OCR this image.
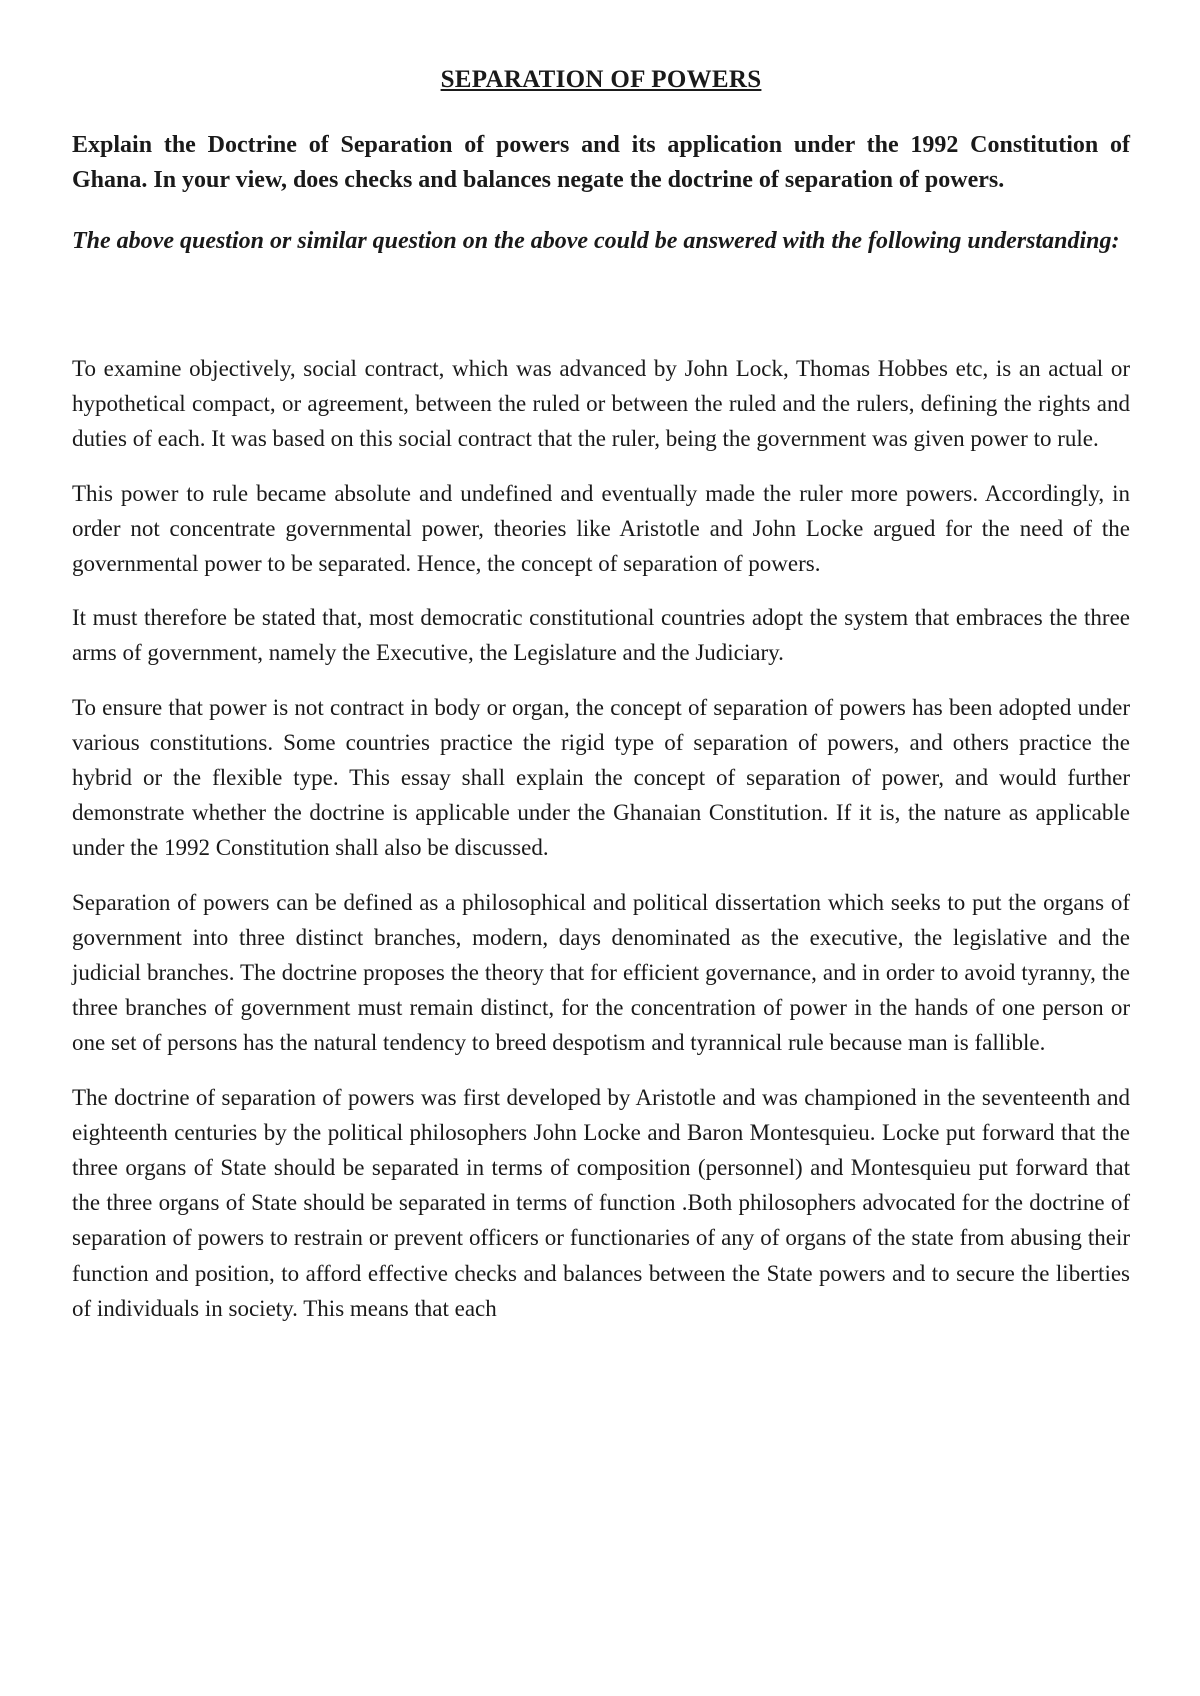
SEPARATION OF POWERS

Explain the Doctrine of Separation of powers and its application under the 1992 Constitution of Ghana. In your view, does checks and balances negate the doctrine of separation of powers.

The above question or similar question on the above could be answered with the following understanding:

To examine objectively, social contract, which was advanced by John Lock, Thomas Hobbes etc, is an actual or hypothetical compact, or agreement, between the ruled or between the ruled and the rulers, defining the rights and duties of each. It was based on this social contract that the ruler, being the government was given power to rule.

This power to rule became absolute and undefined and eventually made the ruler more powers. Accordingly, in order not concentrate governmental power, theories like Aristotle and John Locke argued for the need of the governmental power to be separated. Hence, the concept of separation of powers.

It must therefore be stated that, most democratic constitutional countries adopt the system that embraces the three arms of government, namely the Executive, the Legislature and the Judiciary.

To ensure that power is not contract in body or organ, the concept of separation of powers has been adopted under various constitutions. Some countries practice the rigid type of separation of powers, and others practice the hybrid or the flexible type. This essay shall explain the concept of separation of power, and would further demonstrate whether the doctrine is applicable under the Ghanaian Constitution. If it is, the nature as applicable under the 1992 Constitution shall also be discussed.

Separation of powers can be defined as a philosophical and political dissertation which seeks to put the organs of government into three distinct branches, modern, days denominated as the executive, the legislative and the judicial branches. The doctrine proposes the theory that for efficient governance, and in order to avoid tyranny, the three branches of government must remain distinct, for the concentration of power in the hands of one person or one set of persons has the natural tendency to breed despotism and tyrannical rule because man is fallible.

The doctrine of separation of powers was first developed by Aristotle and was championed in the seventeenth and eighteenth centuries by the political philosophers John Locke and Baron Montesquieu. Locke put forward that the three organs of State should be separated in terms of composition (personnel) and Montesquieu put forward that the three organs of State should be separated in terms of function .Both philosophers advocated for the doctrine of separation of powers to restrain or prevent officers or functionaries of any of organs of the state from abusing their function and position, to afford effective checks and balances between the State powers and to secure the liberties of individuals in society. This means that each
